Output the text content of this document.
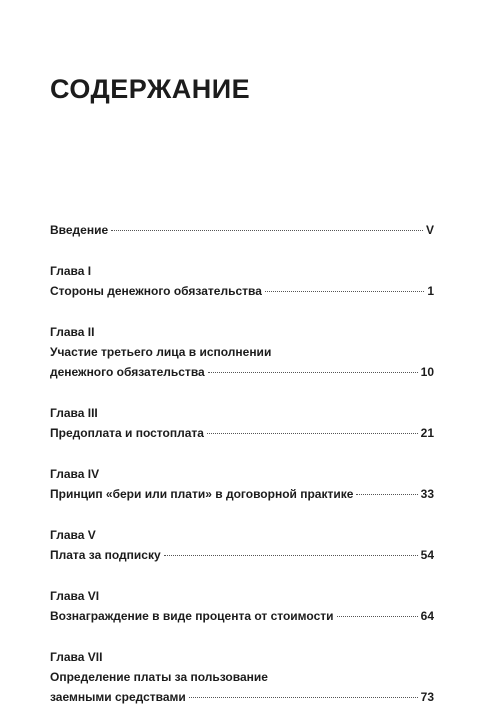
СОДЕРЖАНИЕ
Введение	V
Глава I
Стороны денежного обязательства	1
Глава II
Участие третьего лица в исполнении
денежного обязательства	10
Глава III
Предоплата и постоплата	21
Глава IV
Принцип «бери или плати» в договорной практике	33
Глава V
Плата за подписку	54
Глава VI
Вознаграждение в виде процента от стоимости	64
Глава VII
Определение платы за пользование
заемными средствами	73
